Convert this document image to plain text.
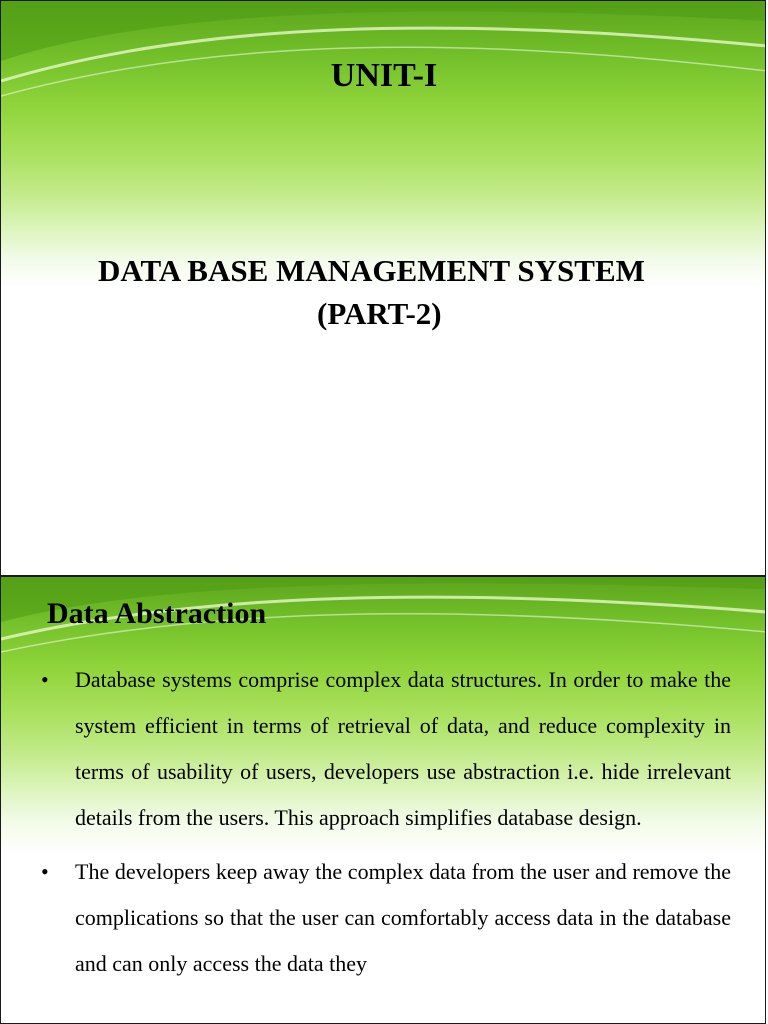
UNIT-I
DATA BASE MANAGEMENT SYSTEM
(PART-2)
Data Abstraction
• Database systems comprise complex data structures. In order to make the system efficient in terms of retrieval of data, and reduce complexity in terms of usability of users, developers use abstraction i.e. hide irrelevant details from the users. This approach simplifies database design.
• The developers keep away the complex data from the user and remove the complications so that the user can comfortably access data in the database and can only access the data they
